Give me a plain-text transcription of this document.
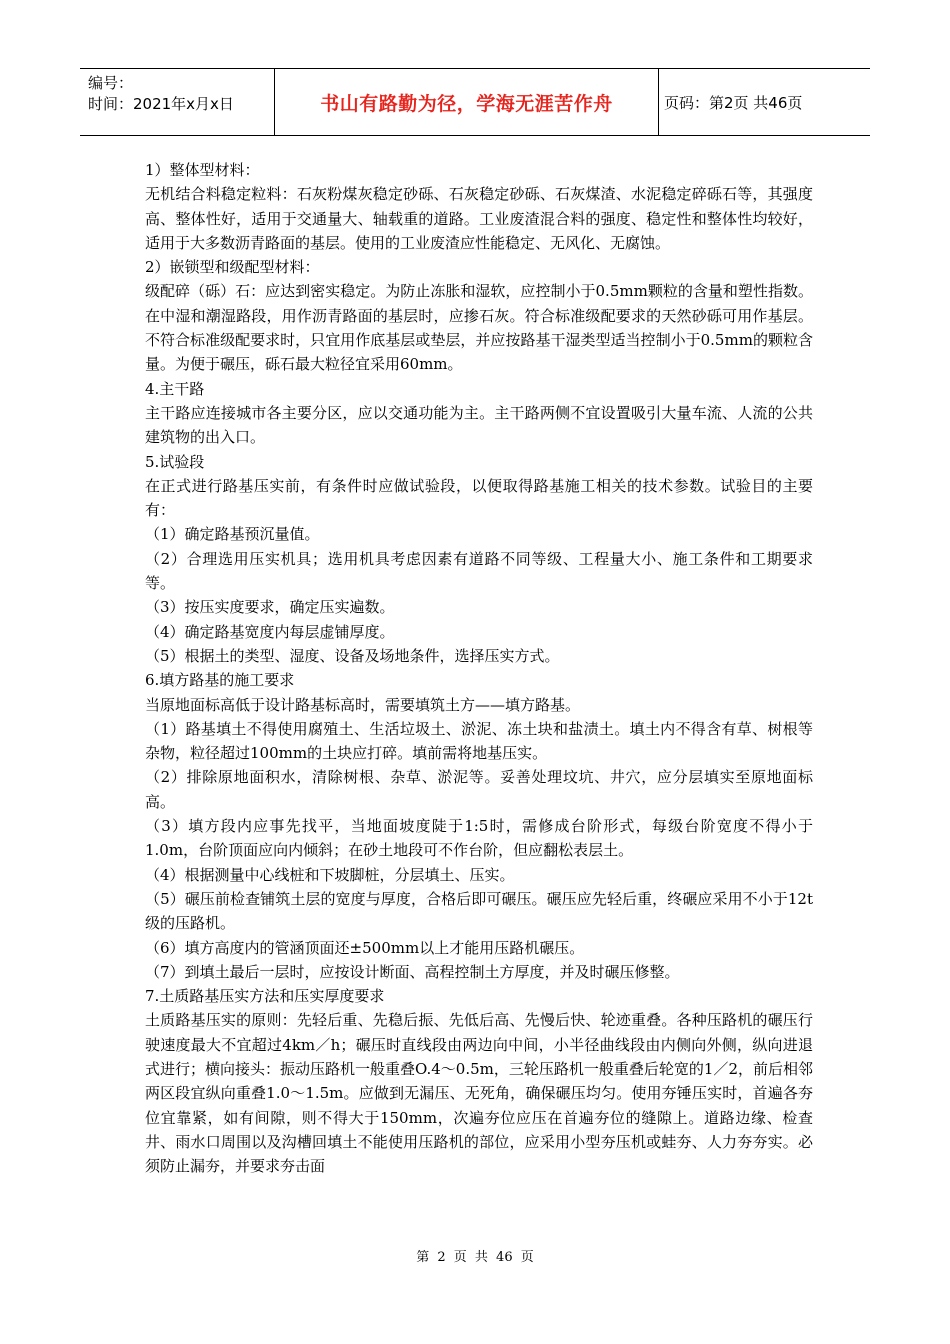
编号：
时间：2021年x月x日	书山有路勤为径，学海无涯苦作舟	页码：第2页 共46页

1）整体型材料：

无机结合料稳定粒料：石灰粉煤灰稳定砂砾、石灰稳定砂砾、石灰煤渣、水泥稳定碎砾石等，其强度高、整体性好，适用于交通量大、轴载重的道路。工业废渣混合料的强度、稳定性和整体性均较好，适用于大多数沥青路面的基层。使用的工业废渣应性能稳定、无风化、无腐蚀。

2）嵌锁型和级配型材料：

级配碎（砾）石：应达到密实稳定。为防止冻胀和湿软，应控制小于0.5mm颗粒的含量和塑性指数。在中湿和潮湿路段，用作沥青路面的基层时，应掺石灰。符合标准级配要求的天然砂砾可用作基层。不符合标准级配要求时，只宜用作底基层或垫层，并应按路基干湿类型适当控制小于0.5mm的颗粒含量。为便于碾压，砾石最大粒径宜采用60mm。

4.主干路

主干路应连接城市各主要分区，应以交通功能为主。主干路两侧不宜设置吸引大量车流、人流的公共建筑物的出入口。

5.试验段

在正式进行路基压实前，有条件时应做试验段，以便取得路基施工相关的技术参数。试验目的主要有：

（1）确定路基预沉量值。

（2）合理选用压实机具；选用机具考虑因素有道路不同等级、工程量大小、施工条件和工期要求等。

（3）按压实度要求，确定压实遍数。

（4）确定路基宽度内每层虚铺厚度。

（5）根据土的类型、湿度、设备及场地条件，选择压实方式。

6.填方路基的施工要求

当原地面标高低于设计路基标高时，需要填筑土方——填方路基。

（1）路基填土不得使用腐殖土、生活垃圾土、淤泥、冻土块和盐渍土。填土内不得含有草、树根等杂物，粒径超过100mm的土块应打碎。填前需将地基压实。

（2）排除原地面积水，清除树根、杂草、淤泥等。妥善处理坟坑、井穴，应分层填实至原地面标高。

（3）填方段内应事先找平，当地面坡度陡于1:5时，需修成台阶形式，每级台阶宽度不得小于1.0m，台阶顶面应向内倾斜；在砂土地段可不作台阶，但应翻松表层土。

（4）根据测量中心线桩和下坡脚桩，分层填土、压实。

（5）碾压前检查铺筑土层的宽度与厚度，合格后即可碾压。碾压应先轻后重，终碾应采用不小于12t级的压路机。

（6）填方高度内的管涵顶面还±500mm以上才能用压路机碾压。

（7）到填土最后一层时，应按设计断面、高程控制土方厚度，并及时碾压修整。

7.土质路基压实方法和压实厚度要求

土质路基压实的原则：先轻后重、先稳后振、先低后高、先慢后快、轮迹重叠。各种压路机的碾压行驶速度最大不宜超过4km／h；碾压时直线段由两边向中间，小半径曲线段由内侧向外侧，纵向进退式进行；横向接头：振动压路机一般重叠O.4～0.5m，三轮压路机一般重叠后轮宽的1／2，前后相邻两区段宜纵向重叠1.0～1.5m。应做到无漏压、无死角，确保碾压均匀。使用夯锤压实时，首遍各夯位宜靠紧，如有间隙，则不得大于150mm，次遍夯位应压在首遍夯位的缝隙上。道路边缘、检查井、雨水口周围以及沟槽回填土不能使用压路机的部位，应采用小型夯压机或蛙夯、人力夯夯实。必须防止漏夯，并要求夯击面

第 2 页 共 46 页
